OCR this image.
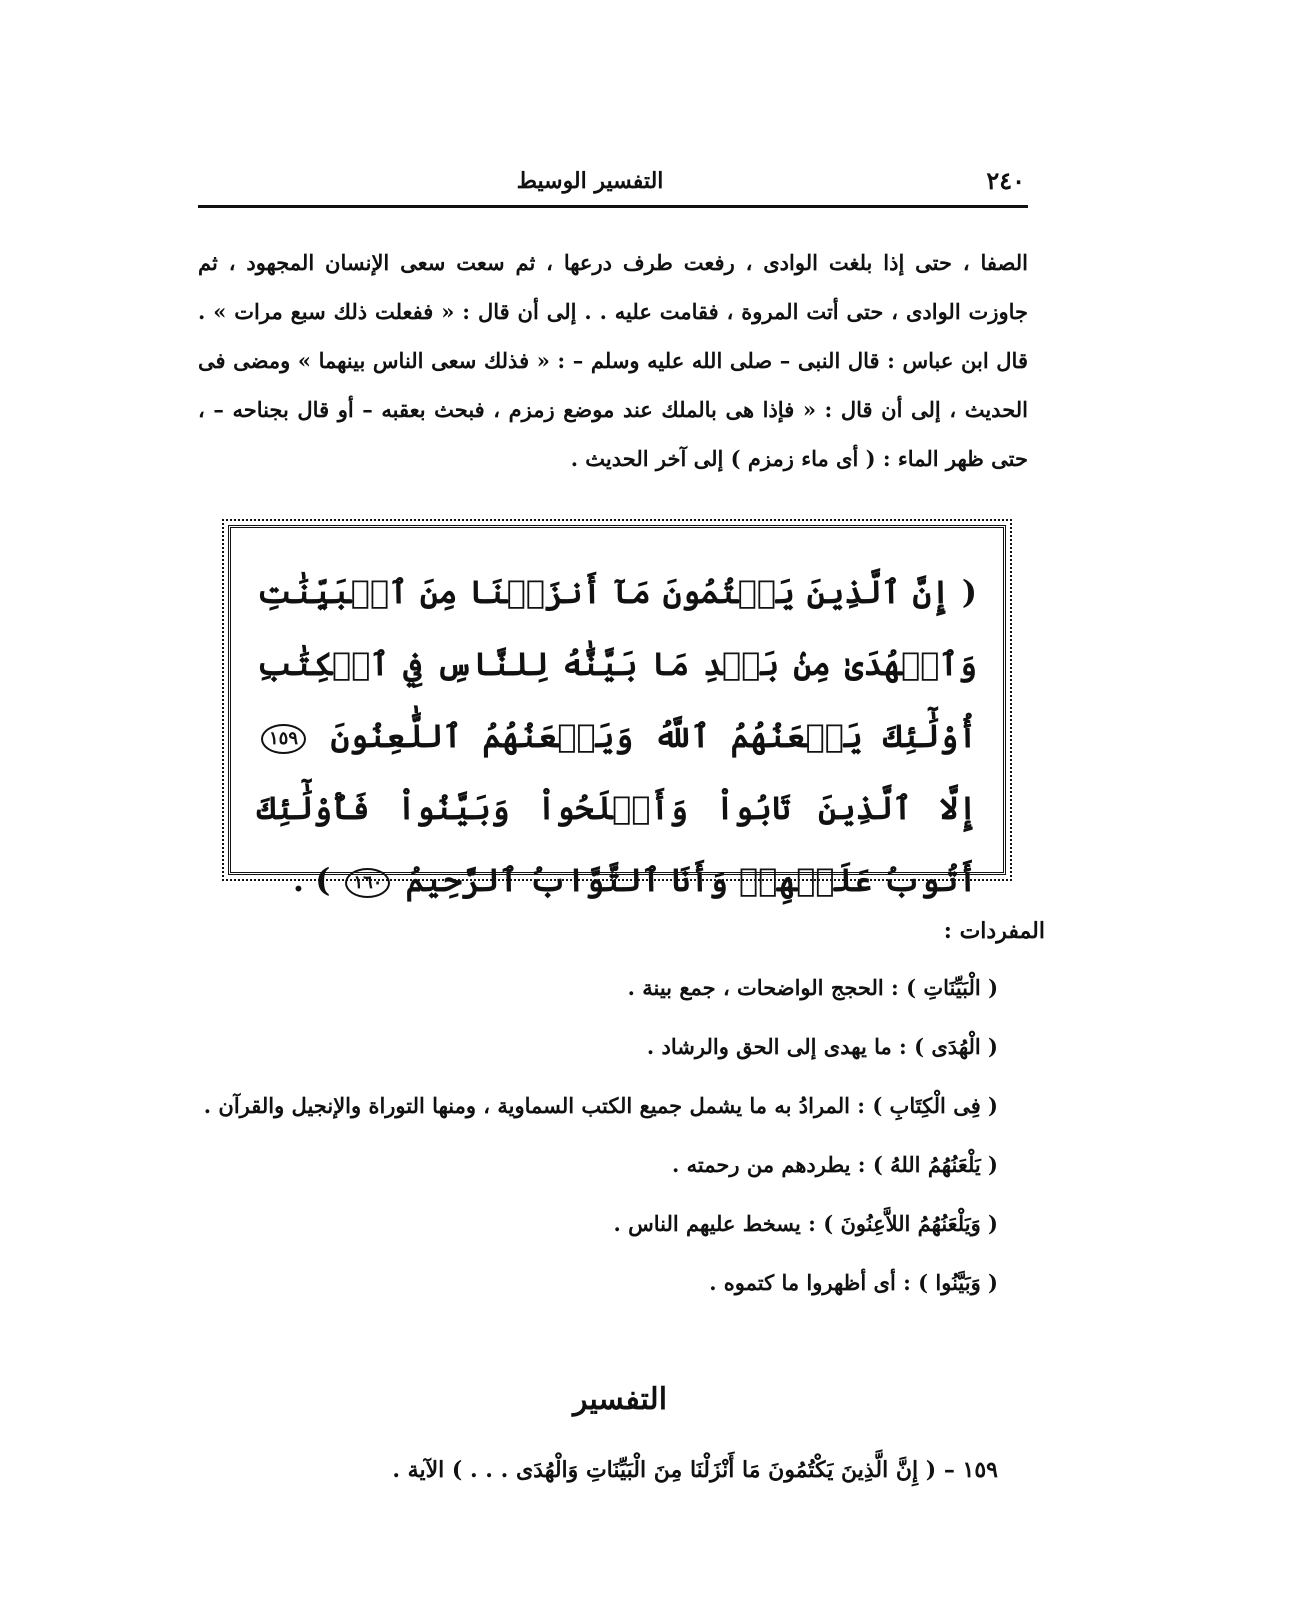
التفسير الوسيط	٢٤٠
الصفا ، حتى إذا بلغت الوادى ، رفعت طرف درعها ، ثم سعت سعى الإنسان المجهود ، ثم جاوزت الوادى ، حتى أتت المروة ، فقامت عليه . . إلى أن قال : « ففعلت ذلك سبع مرات » . قال ابن عباس : قال النبى – صلى الله عليه وسلم – : « فذلك سعى الناس بينهما » ومضى فى الحديث ، إلى أن قال : « فإذا هى بالملك عند موضع زمزم ، فبحث بعقبه – أو قال بجناحه – ، حتى ظهر الماء : ( أى ماء زمزم ) إلى آخر الحديث .
( إِنَّ ٱلَّذِينَ يَكۡتُمُونَ مَآ أَنزَلۡنَا مِنَ ٱلۡبَيِّنَٰتِ وَٱلۡهُدَىٰ مِنۢ بَعۡدِ مَا بَيَّنَّٰهُ لِلنَّاسِ فِي ٱلۡكِتَٰبِ أُوْلَٰٓئِكَ يَلۡعَنُهُمُ ٱللَّهُ وَيَلۡعَنُهُمُ ٱللَّٰعِنُونَ ١٥٩ إِلَّا ٱلَّذِينَ تَابُواْ وَأَصۡلَحُواْ وَبَيَّنُواْ فَأُوْلَٰٓئِكَ أَتُوبُ عَلَيۡهِمۡ وَأَنَا ٱلتَّوَّابُ ٱلرَّحِيمُ ١٦٠ ) .
المفردات :
( الْبَيِّنَاتِ ) : الحجج الواضحات ، جمع بينة .
( الْهُدَى ) : ما يهدى إلى الحق والرشاد .
( فِى الْكِتَابِ ) : المرادُ به ما يشمل جميع الكتب السماوية ، ومنها التوراة والإنجيل والقرآن .
( يَلْعَنُهُمُ اللهُ ) : يطردهم من رحمته .
( وَيَلْعَنُهُمُ اللاَّعِنُونَ ) : يسخط عليهم الناس .
( وَبَيَّنُوا ) : أى أظهروا ما كتموه .
التفسير
١٥٩ – ( إِنَّ الَّذِينَ يَكْتُمُونَ مَا أَنْزَلْنَا مِنَ الْبَيِّنَاتِ وَالْهُدَى . . . ) الآية .
